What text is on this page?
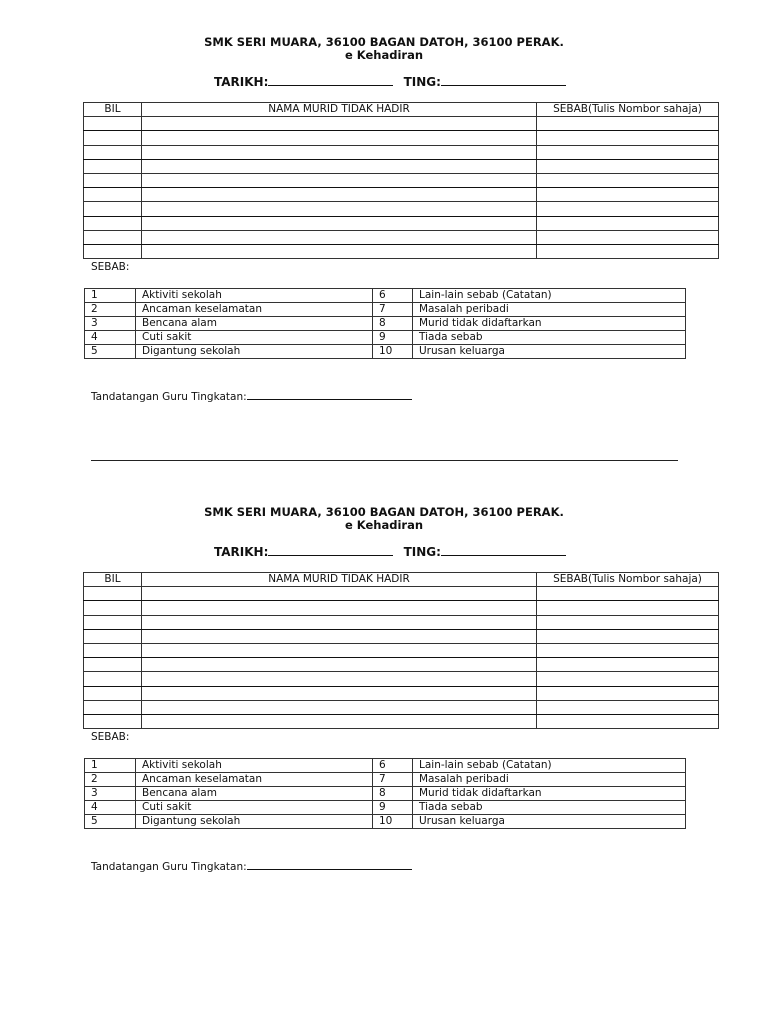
SMK SERI MUARA, 36100 BAGAN DATOH, 36100 PERAK.
e Kehadiran
TARIKH:	TING:
BIL	NAMA MURID TIDAK HADIR	SEBAB(Tulis Nombor sahaja)

SEBAB:
1	Aktiviti sekolah	6	Lain-lain sebab (Catatan)
2	Ancaman keselamatan	7	Masalah peribadi
3	Bencana alam	8	Murid tidak didaftarkan
4	Cuti sakit	9	Tiada sebab
5	Digantung sekolah	10	Urusan keluarga
Tandatangan Guru Tingkatan:
SMK SERI MUARA, 36100 BAGAN DATOH, 36100 PERAK.
e Kehadiran
TARIKH:	TING:
BIL	NAMA MURID TIDAK HADIR	SEBAB(Tulis Nombor sahaja)

SEBAB:
1	Aktiviti sekolah	6	Lain-lain sebab (Catatan)
2	Ancaman keselamatan	7	Masalah peribadi
3	Bencana alam	8	Murid tidak didaftarkan
4	Cuti sakit	9	Tiada sebab
5	Digantung sekolah	10	Urusan keluarga
Tandatangan Guru Tingkatan:
